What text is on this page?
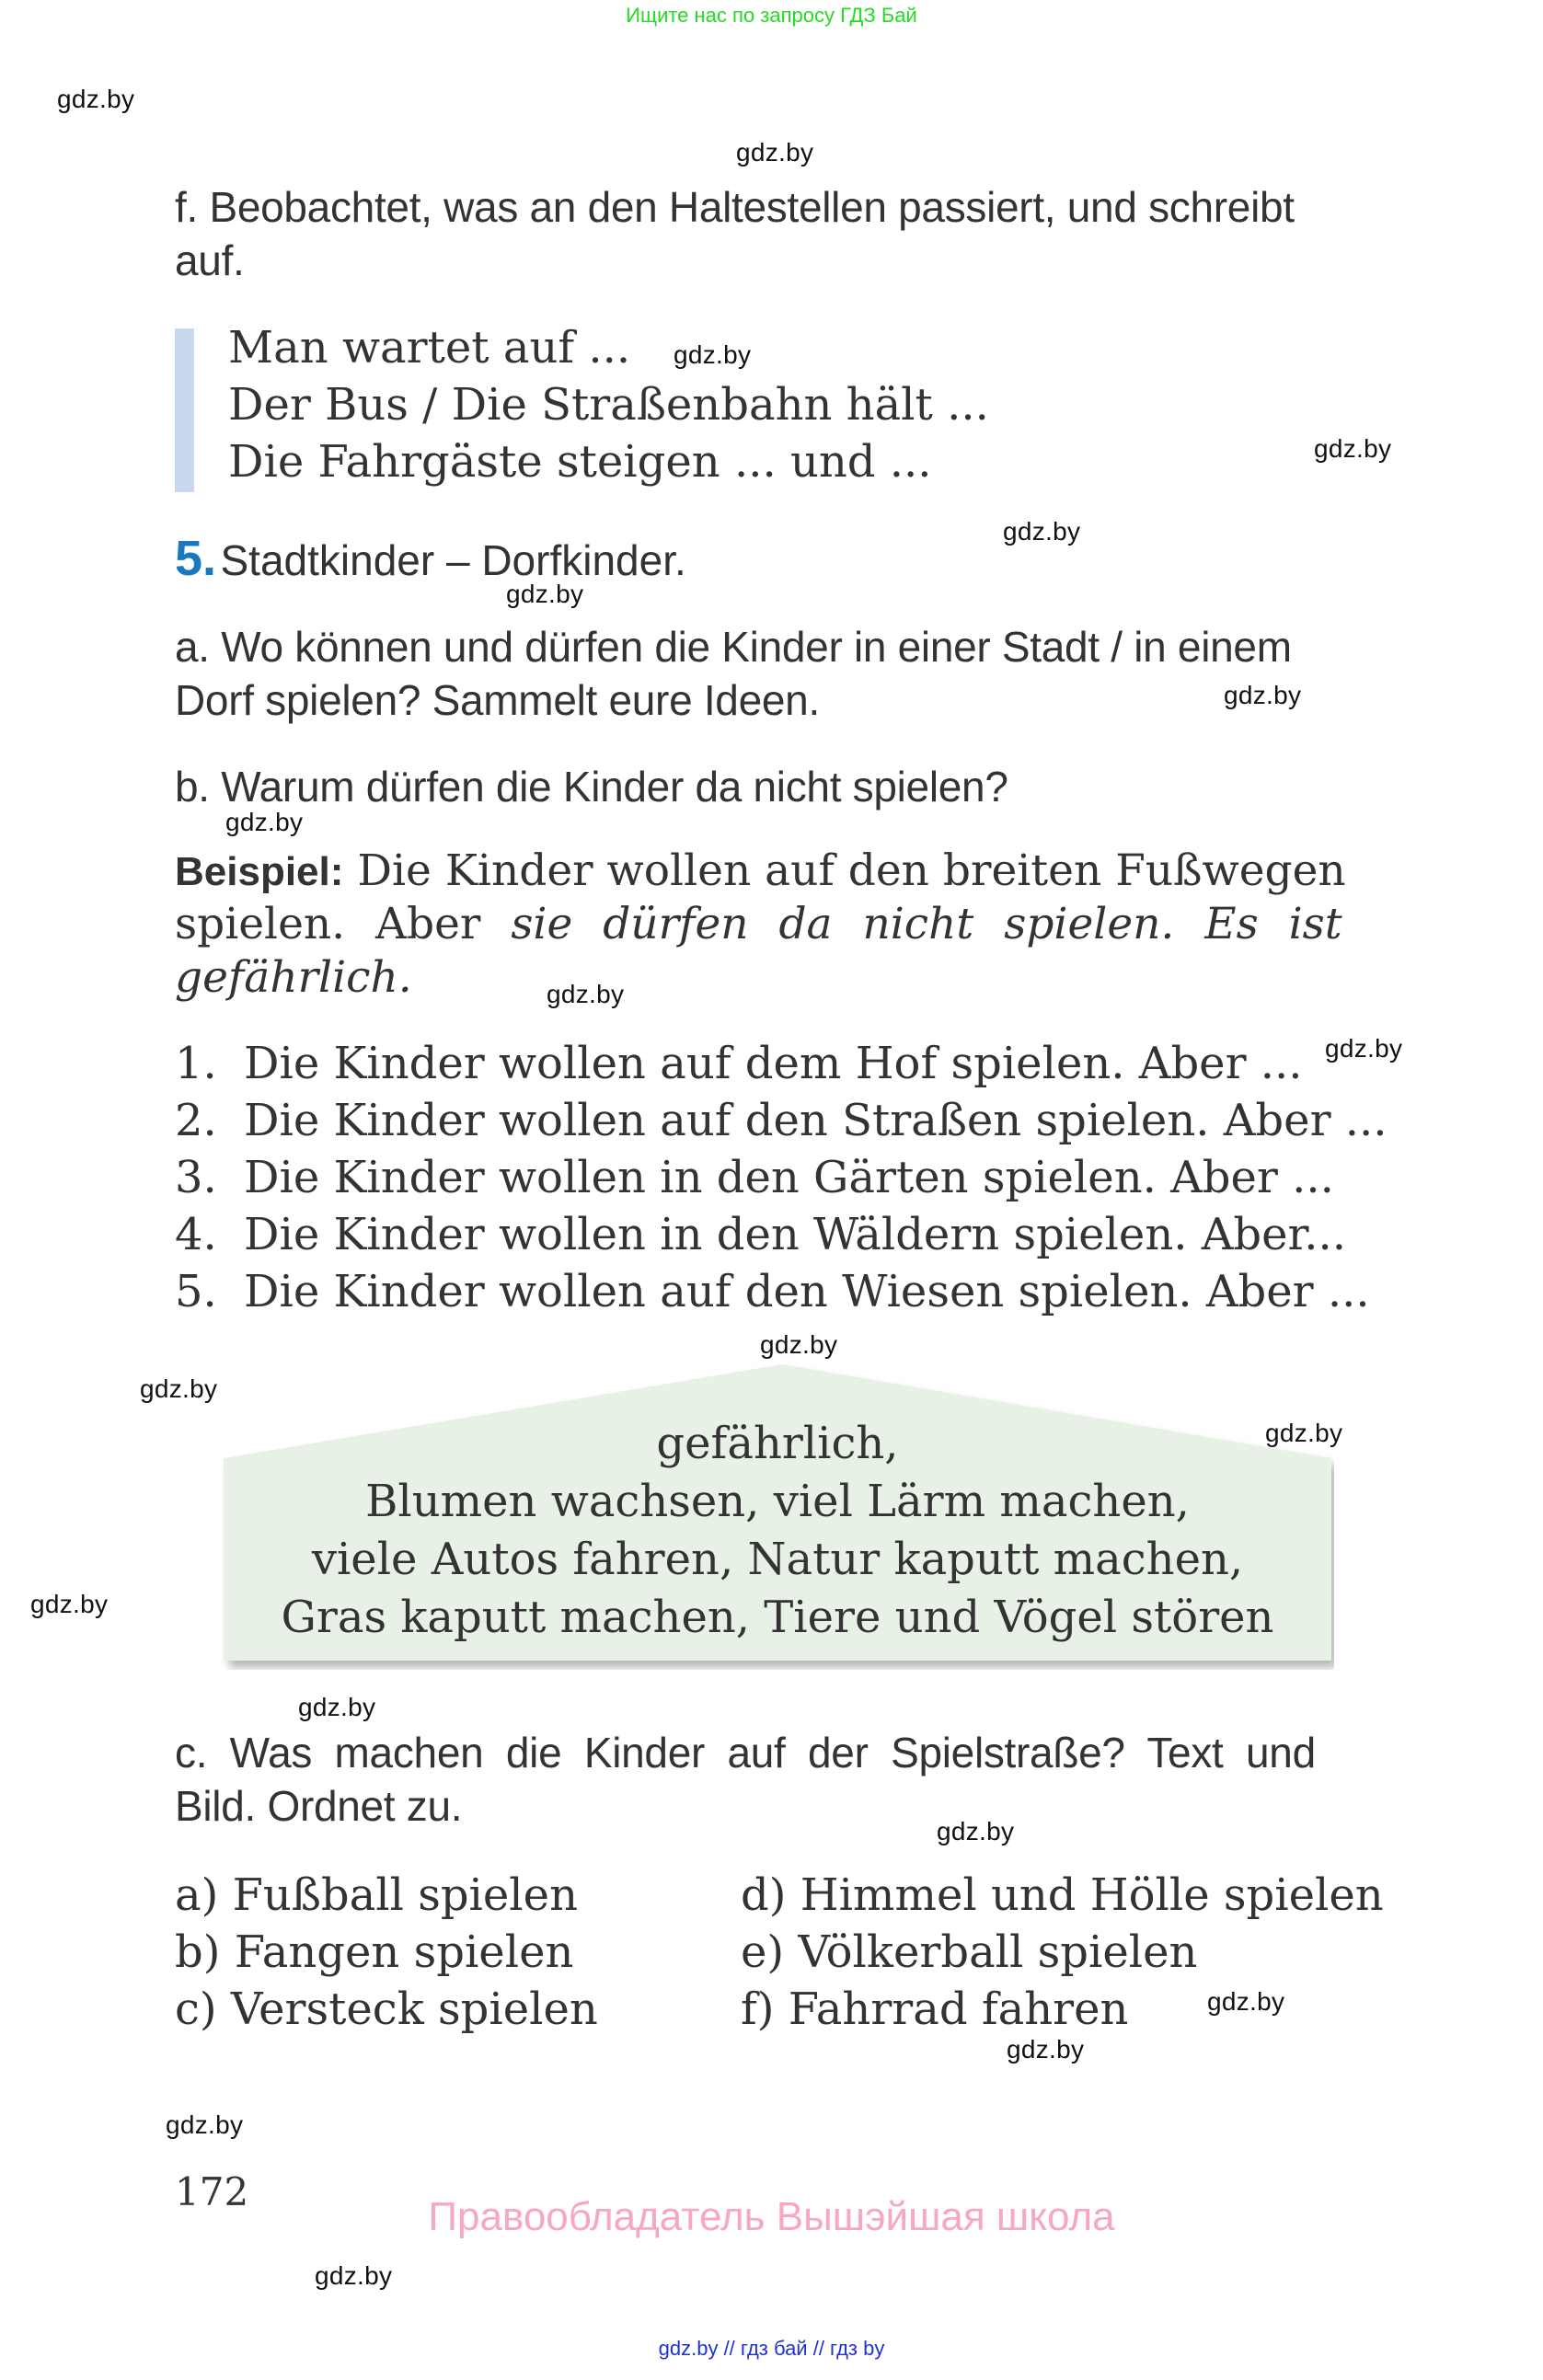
Ищите нас по запросу ГДЗ Бай
gdz.by
gdz.by
gdz.by
gdz.by
gdz.by
gdz.by
gdz.by
gdz.by
gdz.by
gdz.by
gdz.by
gdz.by
gdz.by
gdz.by
gdz.by
gdz.by
gdz.by
gdz.by
gdz.by
gdz.by
f. Beobachtet, was an den Haltestellen passiert, und schreibt
auf.
Man wartet auf ...
Der Bus / Die Straßenbahn hält ...
Die Fahrgäste steigen ... und ...
5. Stadtkinder – Dorfkinder.
a. Wo können und dürfen die Kinder in einer Stadt / in einem
Dorf spielen? Sammelt eure Ideen.
b. Warum dürfen die Kinder da nicht spielen?
Beispiel: Die Kinder wollen auf den breiten Fußwegen
spielen. Aber sie dürfen da nicht spielen. Es ist
gefährlich.
1. Die Kinder wollen auf dem Hof spielen. Aber ...
2. Die Kinder wollen auf den Straßen spielen. Aber ...
3. Die Kinder wollen in den Gärten spielen. Aber ...
4. Die Kinder wollen in den Wäldern spielen. Aber...
5. Die Kinder wollen auf den Wiesen spielen. Aber ...
gefährlich,
Blumen wachsen, viel Lärm machen,
viele Autos fahren, Natur kaputt machen,
Gras kaputt machen, Tiere und Vögel stören
c. Was machen die Kinder auf der Spielstraße? Text und
Bild. Ordnet zu.
a) Fußball spielen
b) Fangen spielen
c) Versteck spielen
d) Himmel und Hölle spielen
e) Völkerball spielen
f) Fahrrad fahren
172
Правообладатель Вышэйшая школа
gdz.by // гдз бай // гдз by
